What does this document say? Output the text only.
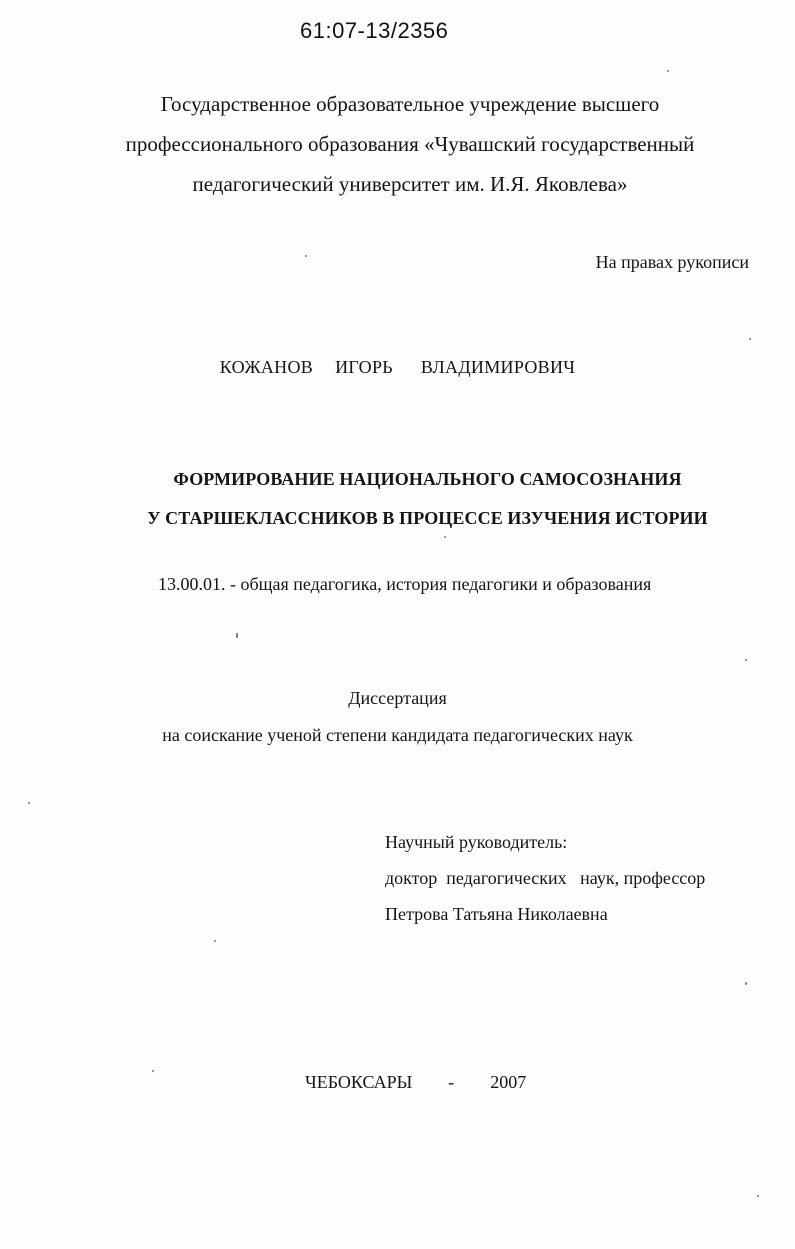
61:07-13/2356
Государственное образовательное учреждение высшего
профессионального образования «Чувашский государственный
педагогический университет им. И.Я. Яковлева»
На правах рукописи
КОЖАНОВ ИГОРЬ ВЛАДИМИРОВИЧ
ФОРМИРОВАНИЕ НАЦИОНАЛЬНОГО САМОСОЗНАНИЯ
У СТАРШЕКЛАССНИКОВ В ПРОЦЕССЕ ИЗУЧЕНИЯ ИСТОРИИ
13.00.01. - общая педагогика, история педагогики и образования
Диссертация
на соискание ученой степени кандидата педагогических наук
Научный руководитель:
доктор  педагогических   наук, профессор
Петрова Татьяна Николаевна
ЧЕБОКСАРЫ - 2007
